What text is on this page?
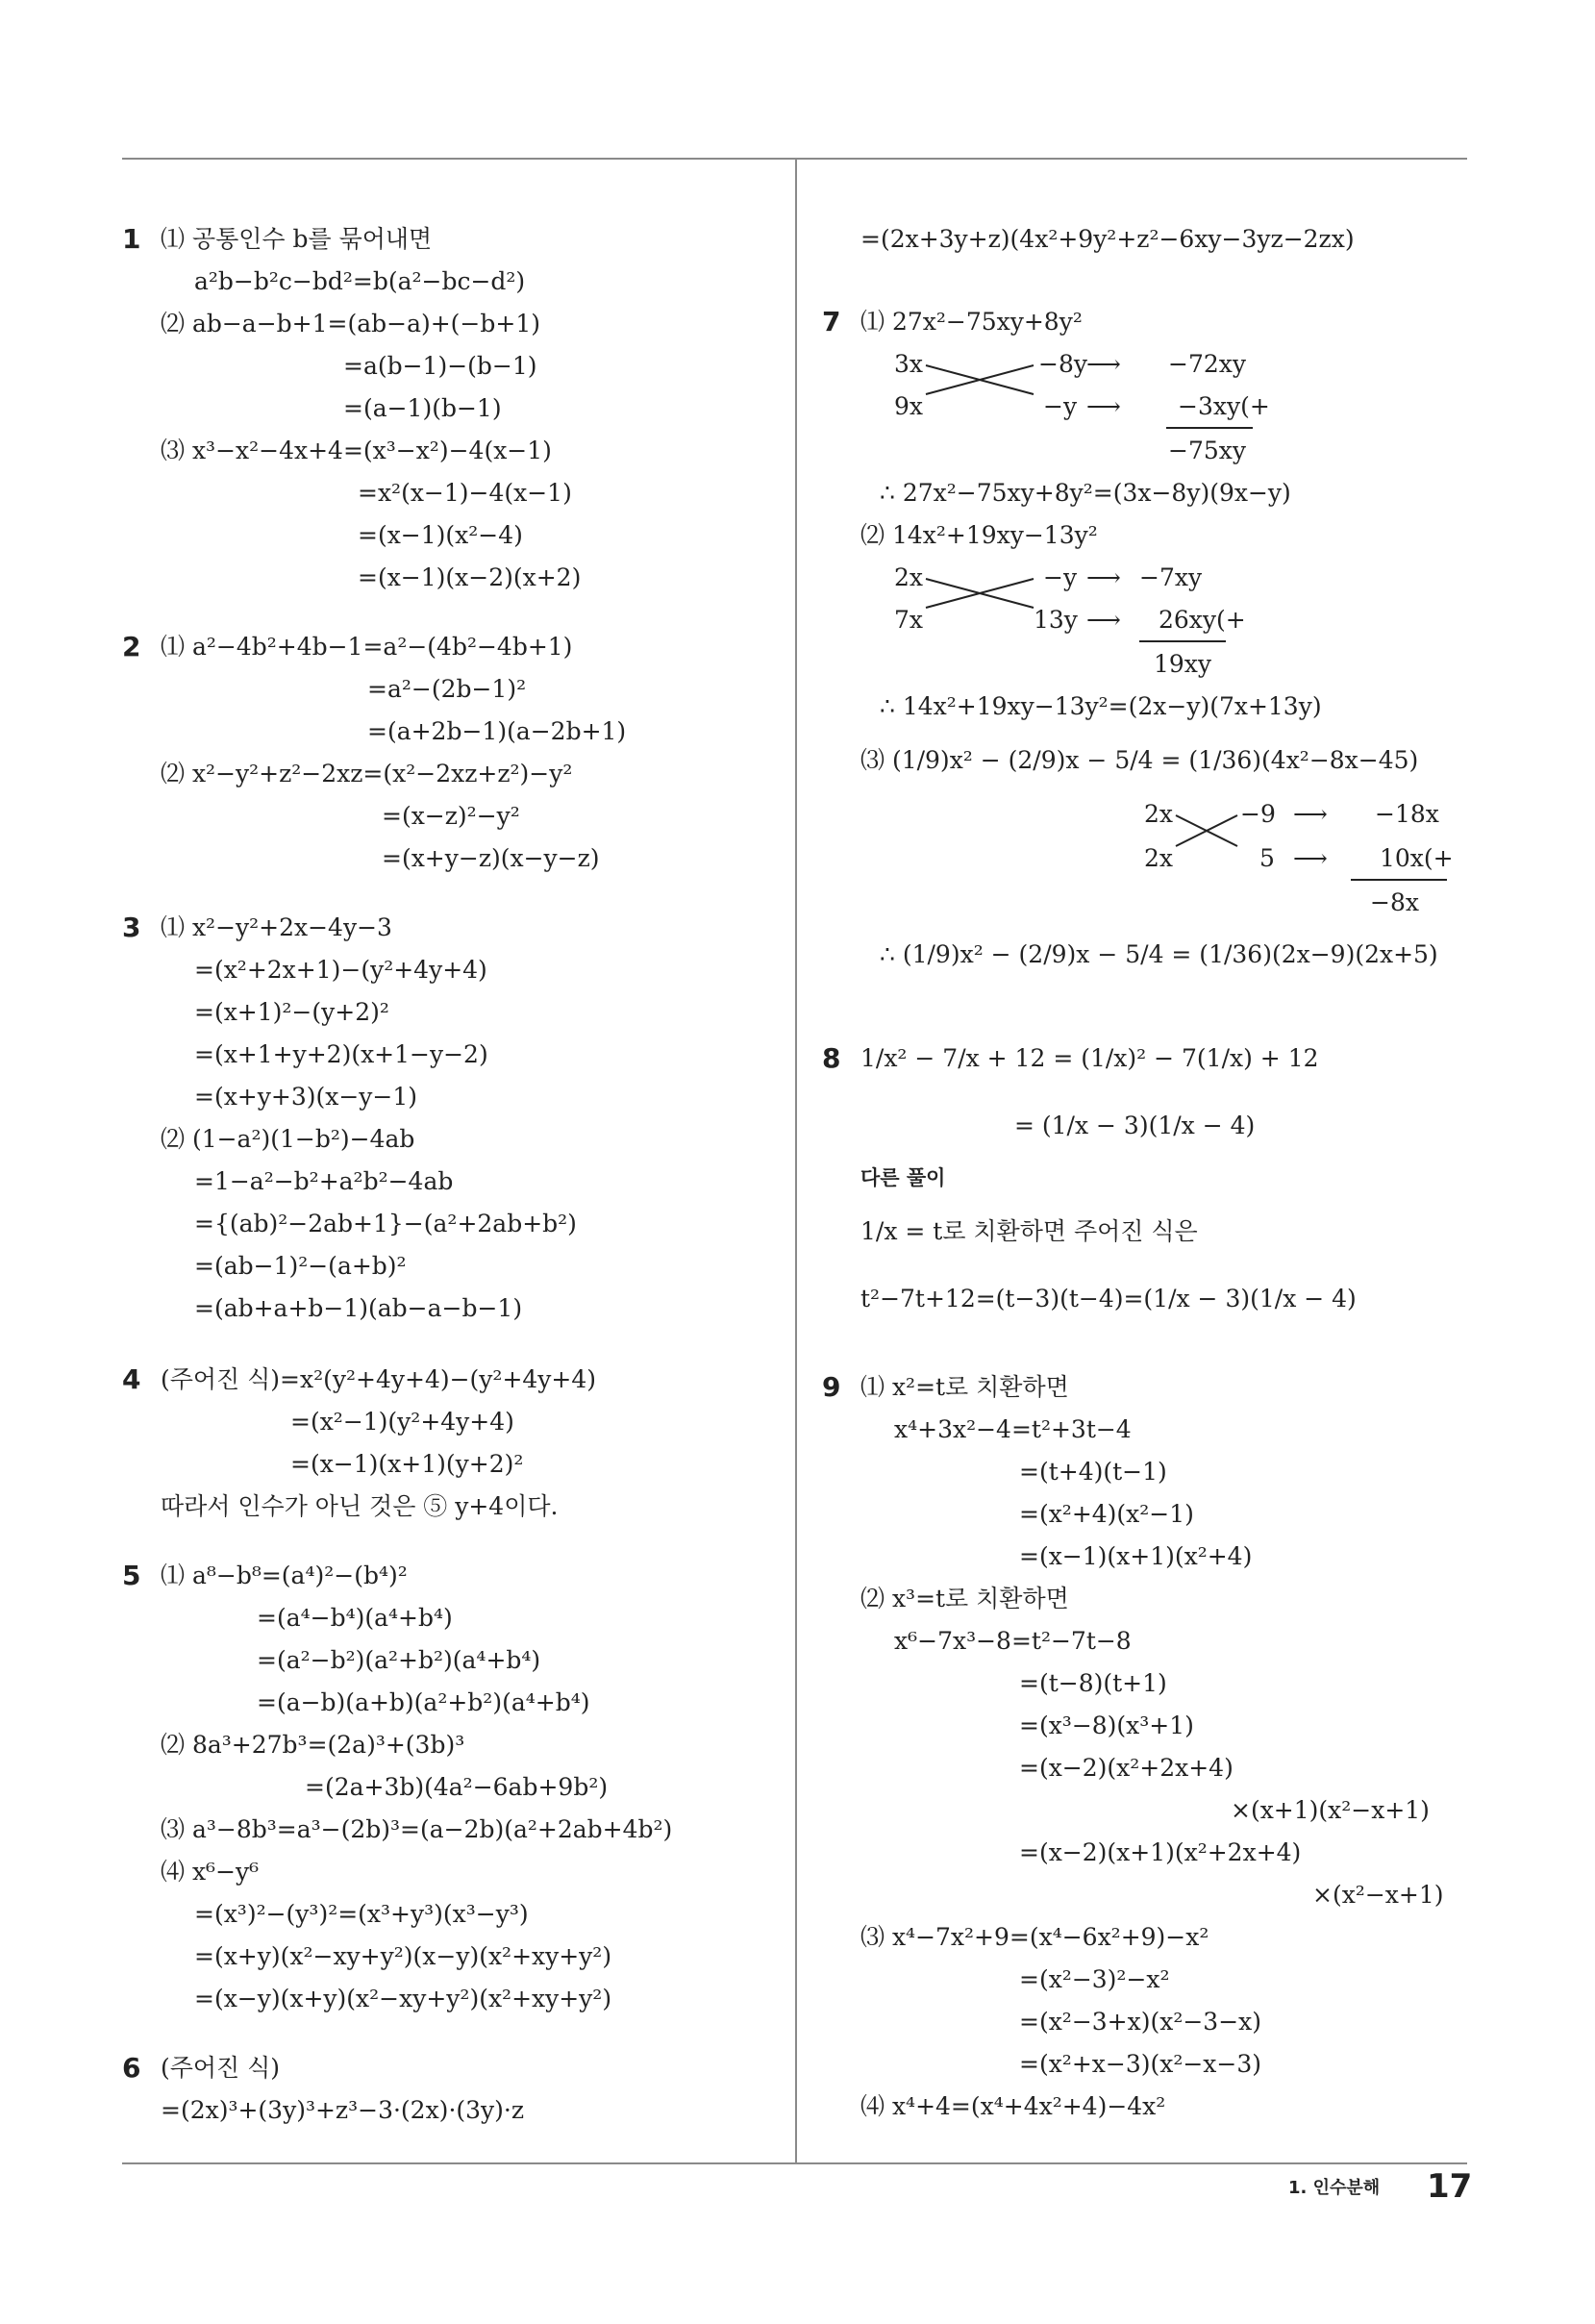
1 ⑴ 공통인수 b를 묶어내면
a²b−b²c−bd²=b(a²−bc−d²)
⑵ ab−a−b+1=(ab−a)+(−b+1)
=a(b−1)−(b−1)
=(a−1)(b−1)
⑶ x³−x²−4x+4=(x³−x²)−4(x−1)
=x²(x−1)−4(x−1)
=(x−1)(x²−4)
=(x−1)(x−2)(x+2)
2 ⑴ a²−4b²+4b−1=a²−(4b²−4b+1)
=a²−(2b−1)²
=(a+2b−1)(a−2b+1)
⑵ x²−y²+z²−2xz=(x²−2xz+z²)−y²
=(x−z)²−y²
=(x+y−z)(x−y−z)
3 ⑴ x²−y²+2x−4y−3
=(x²+2x+1)−(y²+4y+4)
=(x+1)²−(y+2)²
=(x+1+y+2)(x+1−y−2)
=(x+y+3)(x−y−1)
⑵ (1−a²)(1−b²)−4ab
=1−a²−b²+a²b²−4ab
={(ab)²−2ab+1}−(a²+2ab+b²)
=(ab−1)²−(a+b)²
=(ab+a+b−1)(ab−a−b−1)
4 (주어진 식)=x²(y²+4y+4)−(y²+4y+4)
=(x²−1)(y²+4y+4)
=(x−1)(x+1)(y+2)²
따라서 인수가 아닌 것은 ⑤ y+4이다.
5 ⑴ a⁸−b⁸=(a⁴)²−(b⁴)²
=(a⁴−b⁴)(a⁴+b⁴)
=(a²−b²)(a²+b²)(a⁴+b⁴)
=(a−b)(a+b)(a²+b²)(a⁴+b⁴)
⑵ 8a³+27b³=(2a)³+(3b)³
=(2a+3b)(4a²−6ab+9b²)
⑶ a³−8b³=a³−(2b)³=(a−2b)(a²+2ab+4b²)
⑷ x⁶−y⁶
=(x³)²−(y³)²=(x³+y³)(x³−y³)
=(x+y)(x²−xy+y²)(x−y)(x²+xy+y²)
=(x−y)(x+y)(x²−xy+y²)(x²+xy+y²)
6 (주어진 식)
=(2x)³+(3y)³+z³−3·(2x)·(3y)·z
=(2x+3y+z)(4x²+9y²+z²−6xy−3yz−2zx)
7 ⑴ 27x²−75xy+8y²
3x	−8y ⟶ −72xy
9x	−y ⟶ −3xy(+
−75xy
∴ 27x²−75xy+8y²=(3x−8y)(9x−y)
⑵ 14x²+19xy−13y²
2x	−y ⟶ −7xy
7x	13y ⟶ 26xy(+
19xy
∴ 14x²+19xy−13y²=(2x−y)(7x+13y)
⑶ (1/9)x² − (2/9)x − 5/4 = (1/36)(4x²−8x−45)
2x	−9 ⟶ −18x
2x	5 ⟶ 10x(+
−8x
∴ (1/9)x² − (2/9)x − 5/4 = (1/36)(2x−9)(2x+5)
8 1/x² − 7/x + 12 = (1/x)² − 7(1/x) + 12
= (1/x − 3)(1/x − 4)
다른 풀이
1/x = t로 치환하면 주어진 식은
t²−7t+12=(t−3)(t−4)=(1/x − 3)(1/x − 4)
9 ⑴ x²=t로 치환하면
x⁴+3x²−4=t²+3t−4
=(t+4)(t−1)
=(x²+4)(x²−1)
=(x−1)(x+1)(x²+4)
⑵ x³=t로 치환하면
x⁶−7x³−8=t²−7t−8
=(t−8)(t+1)
=(x³−8)(x³+1)
=(x−2)(x²+2x+4)
×(x+1)(x²−x+1)
=(x−2)(x+1)(x²+2x+4)
×(x²−x+1)
⑶ x⁴−7x²+9=(x⁴−6x²+9)−x²
=(x²−3)²−x²
=(x²−3+x)(x²−3−x)
=(x²+x−3)(x²−x−3)
⑷ x⁴+4=(x⁴+4x²+4)−4x²
1. 인수분해 17
